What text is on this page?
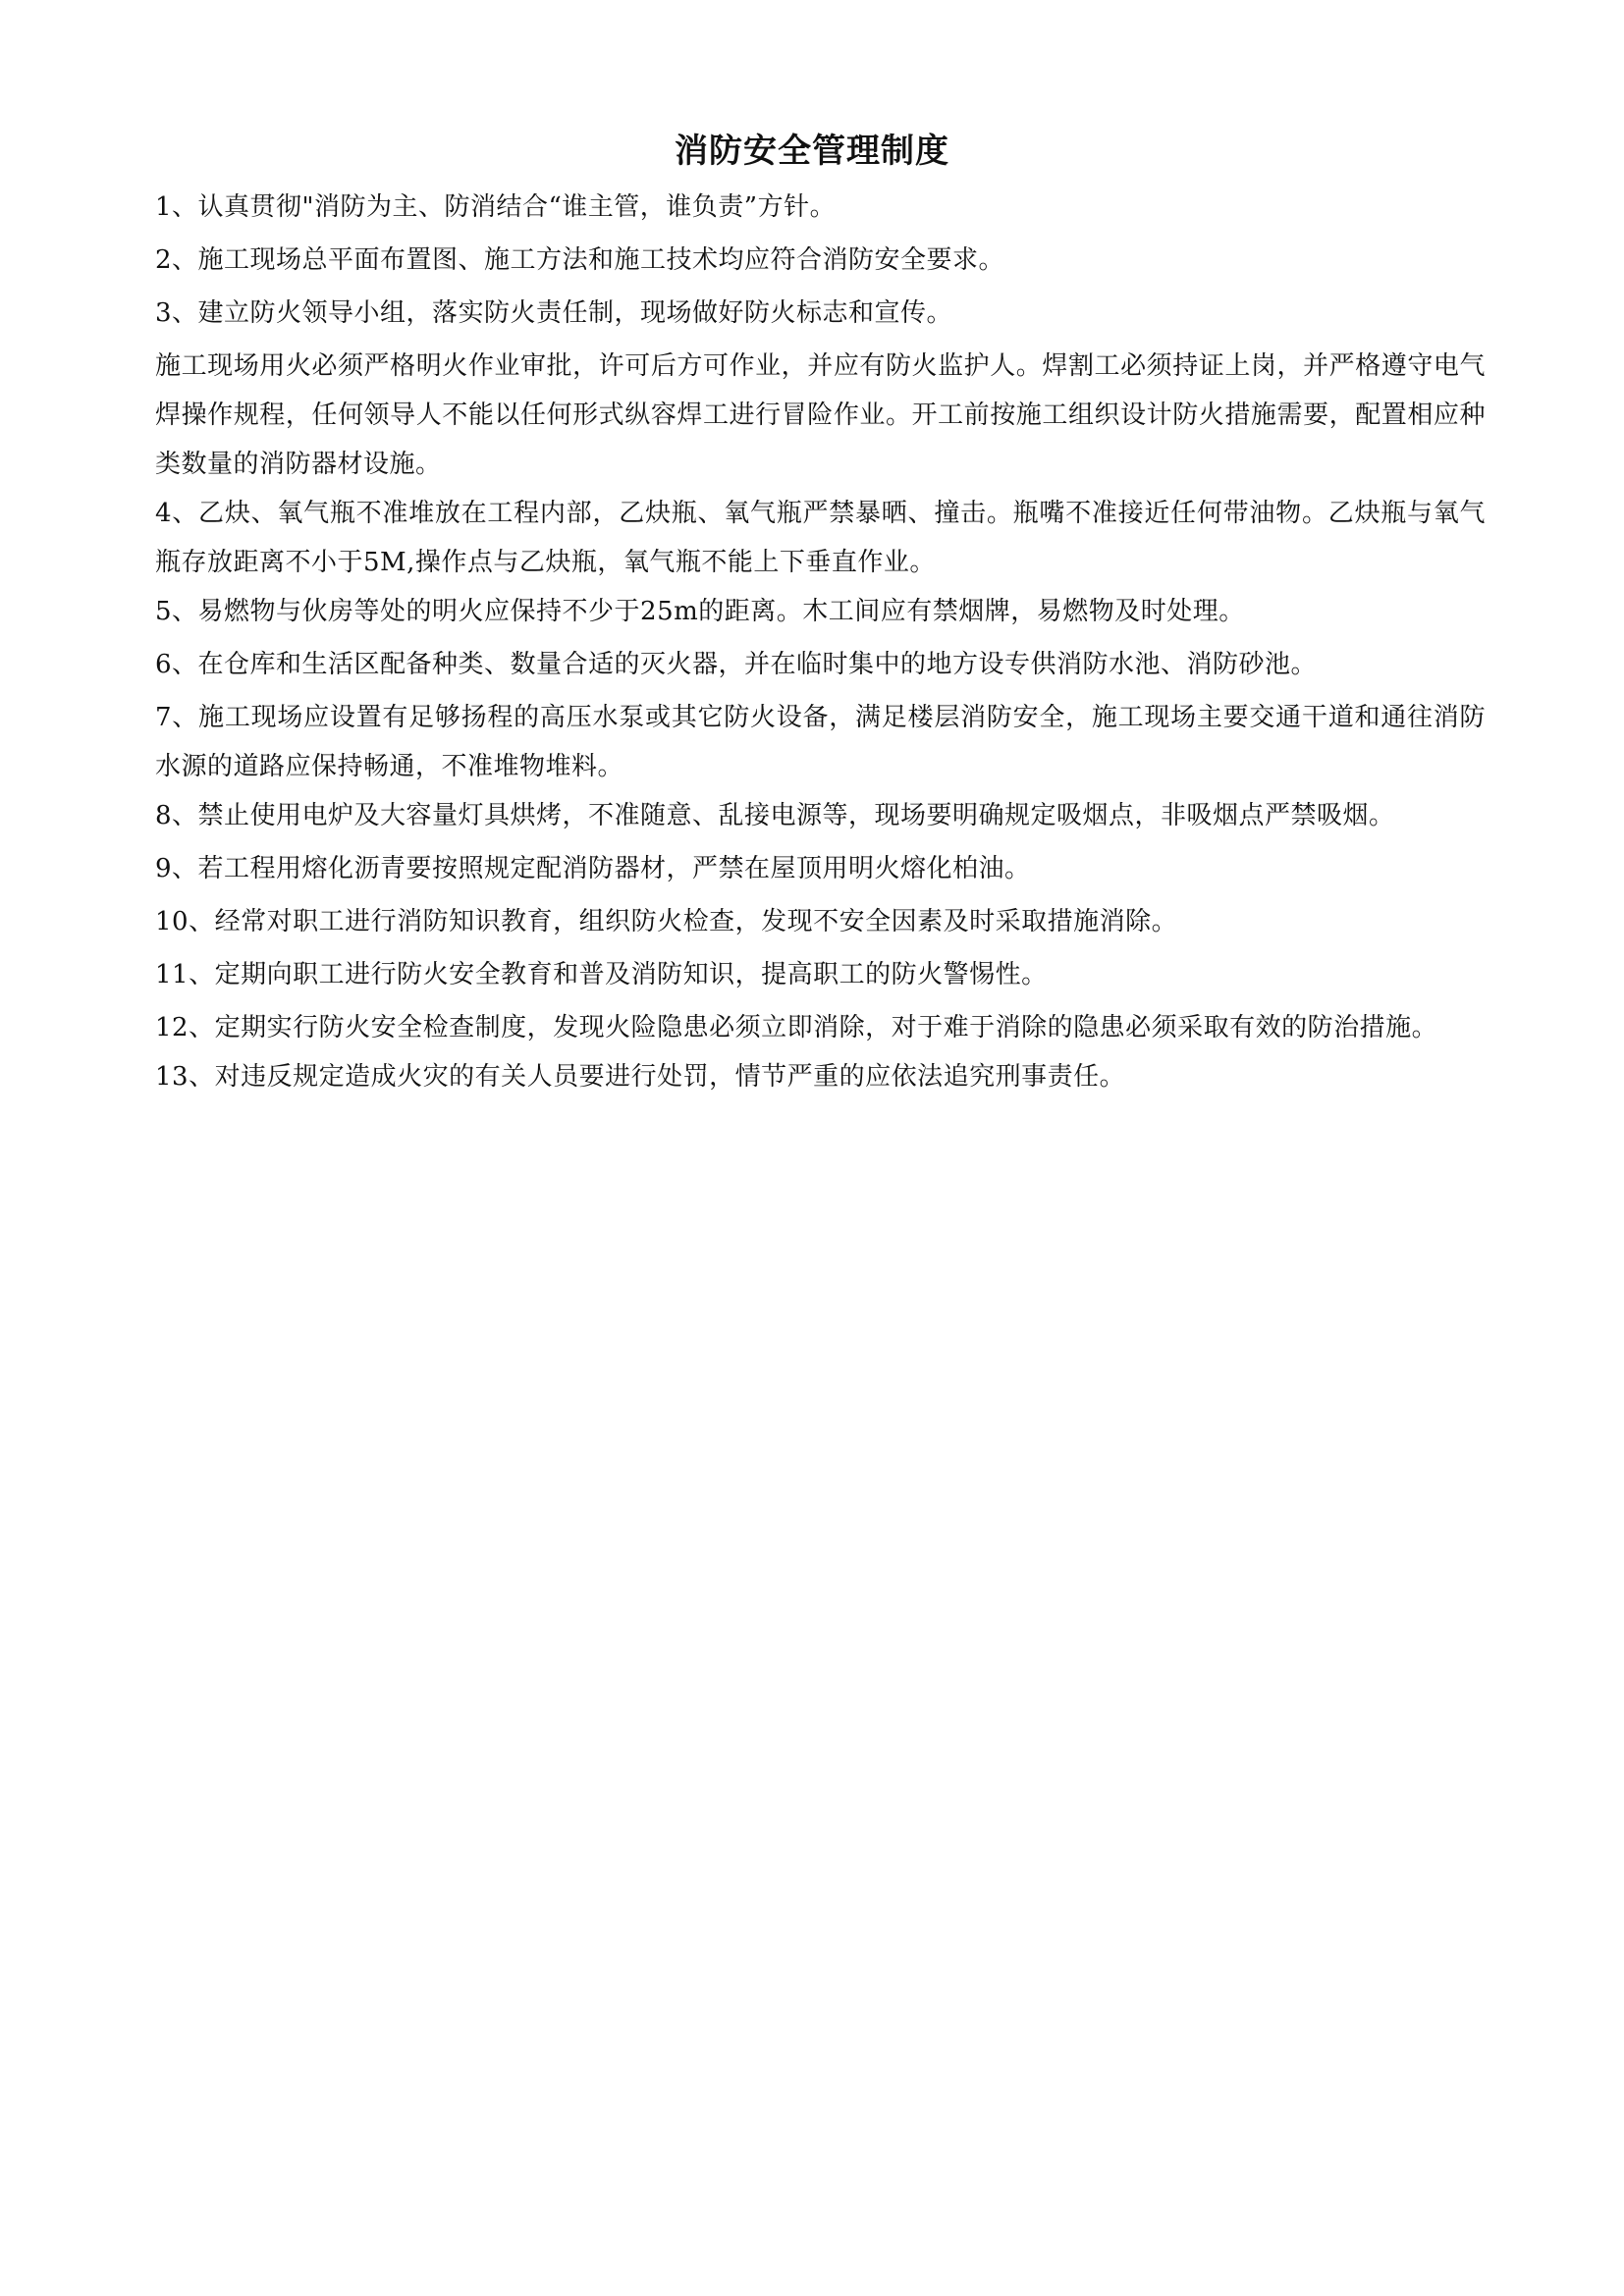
消防安全管理制度

1、认真贯彻"消防为主、防消结合“谁主管，谁负责”方针。

2、施工现场总平面布置图、施工方法和施工技术均应符合消防安全要求。

3、建立防火领导小组，落实防火责任制，现场做好防火标志和宣传。

施工现场用火必须严格明火作业审批，许可后方可作业，并应有防火监护人。焊割工必须持证上岗，并严格遵守电气焊操作规程，任何领导人不能以任何形式纵容焊工进行冒险作业。开工前按施工组织设计防火措施需要，配置相应种类数量的消防器材设施。

4、乙炔、氧气瓶不准堆放在工程内部，乙炔瓶、氧气瓶严禁暴晒、撞击。瓶嘴不准接近任何带油物。乙炔瓶与氧气瓶存放距离不小于5M,操作点与乙炔瓶，氧气瓶不能上下垂直作业。

5、易燃物与伙房等处的明火应保持不少于25m的距离。木工间应有禁烟牌，易燃物及时处理。

6、在仓库和生活区配备种类、数量合适的灭火器，并在临时集中的地方设专供消防水池、消防砂池。

7、施工现场应设置有足够扬程的高压水泵或其它防火设备，满足楼层消防安全，施工现场主要交通干道和通往消防水源的道路应保持畅通，不准堆物堆料。

8、禁止使用电炉及大容量灯具烘烤，不准随意、乱接电源等，现场要明确规定吸烟点，非吸烟点严禁吸烟。

9、若工程用熔化沥青要按照规定配消防器材，严禁在屋顶用明火熔化柏油。

10、经常对职工进行消防知识教育，组织防火检查，发现不安全因素及时采取措施消除。

11、定期向职工进行防火安全教育和普及消防知识，提高职工的防火警惕性。

12、定期实行防火安全检查制度，发现火险隐患必须立即消除，对于难于消除的隐患必须采取有效的防治措施。

13、对违反规定造成火灾的有关人员要进行处罚，情节严重的应依法追究刑事责任。
